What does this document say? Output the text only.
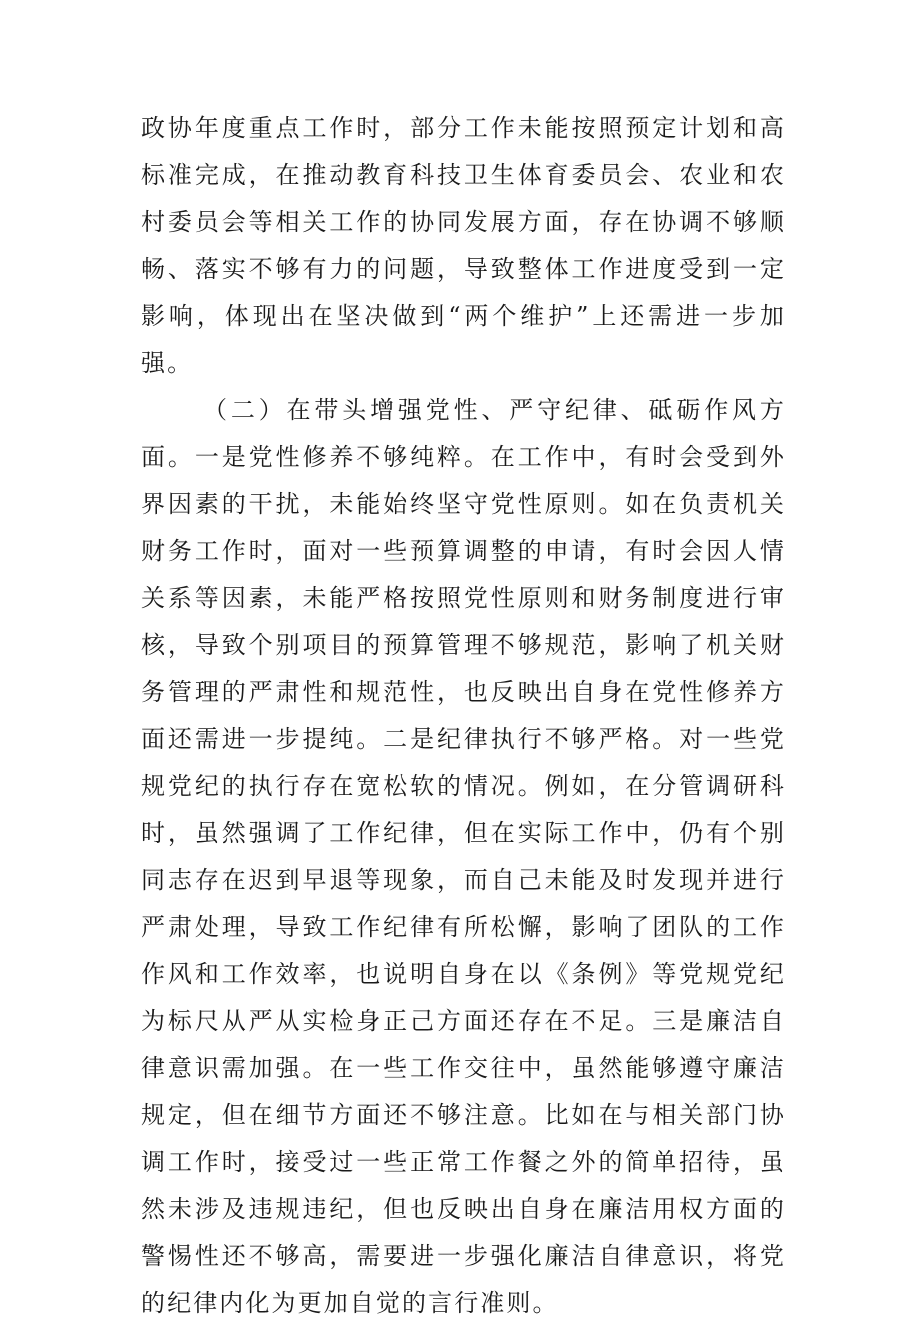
政协年度重点工作时，部分工作未能按照预定计划和高标准完成，在推动教育科技卫生体育委员会、农业和农村委员会等相关工作的协同发展方面，存在协调不够顺畅、落实不够有力的问题，导致整体工作进度受到一定影响，体现出在坚决做到“两个维护”上还需进一步加强。

（二）在带头增强党性、严守纪律、砥砺作风方面。一是党性修养不够纯粹。在工作中，有时会受到外界因素的干扰，未能始终坚守党性原则。如在负责机关财务工作时，面对一些预算调整的申请，有时会因人情关系等因素，未能严格按照党性原则和财务制度进行审核，导致个别项目的预算管理不够规范，影响了机关财务管理的严肃性和规范性，也反映出自身在党性修养方面还需进一步提纯。二是纪律执行不够严格。对一些党规党纪的执行存在宽松软的情况。例如，在分管调研科时，虽然强调了工作纪律，但在实际工作中，仍有个别同志存在迟到早退等现象，而自己未能及时发现并进行严肃处理，导致工作纪律有所松懈，影响了团队的工作作风和工作效率，也说明自身在以《条例》等党规党纪为标尺从严从实检身正己方面还存在不足。三是廉洁自律意识需加强。在一些工作交往中，虽然能够遵守廉洁规定，但在细节方面还不够注意。比如在与相关部门协调工作时，接受过一些正常工作餐之外的简单招待，虽然未涉及违规违纪，但也反映出自身在廉洁用权方面的警惕性还不够高，需要进一步强化廉洁自律意识，将党的纪律内化为更加自觉的言行准则。
